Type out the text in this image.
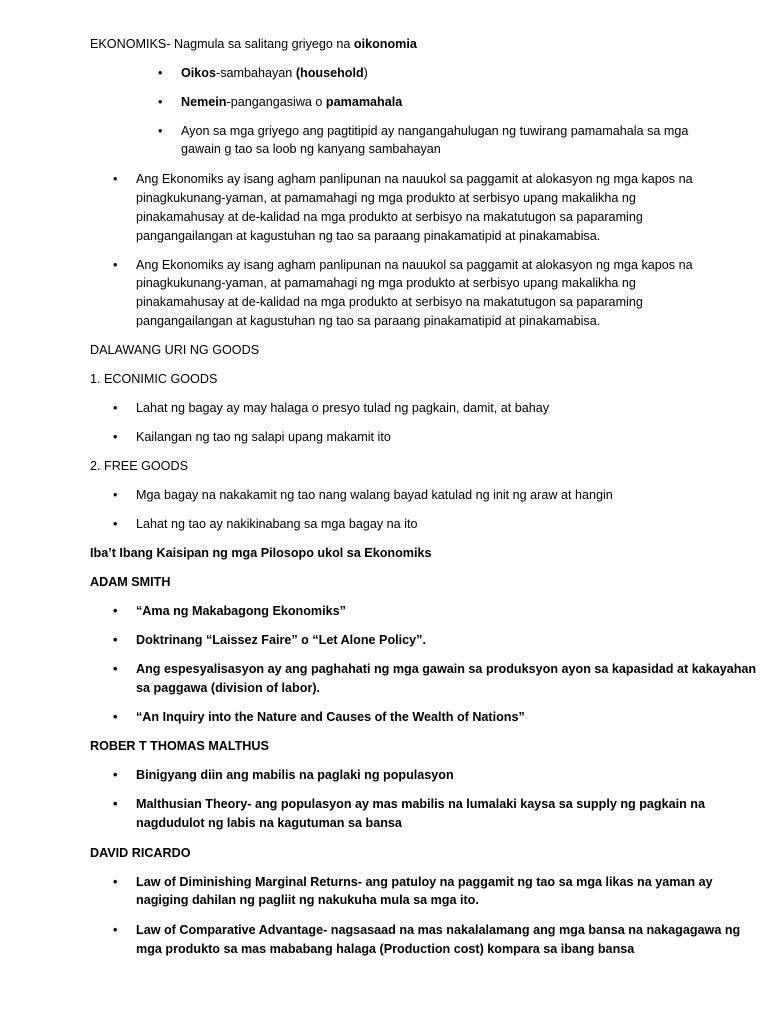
EKONOMIKS- Nagmula sa salitang griyego na oikonomia
• Oikos-sambahayan (household)
• Nemein-pangangasiwa o pamamahala
• Ayon sa mga griyego ang pagtitipid ay nangangahulugan ng tuwirang pamamahala sa mga
gawain g tao sa loob ng kanyang sambahayan
• Ang Ekonomiks ay isang agham panlipunan na nauukol sa paggamit at alokasyon ng mga kapos na
pinagkukunang-yaman, at pamamahagi ng mga produkto at serbisyo upang makalikha ng
pinakamahusay at de-kalidad na mga produkto at serbisyo na makatutugon sa paparaming
pangangailangan at kagustuhan ng tao sa paraang pinakamatipid at pinakamabisa.
• Ang Ekonomiks ay isang agham panlipunan na nauukol sa paggamit at alokasyon ng mga kapos na
pinagkukunang-yaman, at pamamahagi ng mga produkto at serbisyo upang makalikha ng
pinakamahusay at de-kalidad na mga produkto at serbisyo na makatutugon sa paparaming
pangangailangan at kagustuhan ng tao sa paraang pinakamatipid at pinakamabisa.
DALAWANG URI NG GOODS
1. ECONIMIC GOODS
• Lahat ng bagay ay may halaga o presyo tulad ng pagkain, damit, at bahay
• Kailangan ng tao ng salapi upang makamit ito
2. FREE GOODS
• Mga bagay na nakakamit ng tao nang walang bayad katulad ng init ng araw at hangin
• Lahat ng tao ay nakikinabang sa mga bagay na ito
Iba’t Ibang Kaisipan ng mga Pilosopo ukol sa Ekonomiks
ADAM SMITH
• “Ama ng Makabagong Ekonomiks”
• Doktrinang “Laissez Faire” o “Let Alone Policy”.
• Ang espesyalisasyon ay ang paghahati ng mga gawain sa produksyon ayon sa kapasidad at kakayahan
sa paggawa (division of labor).
• “An Inquiry into the Nature and Causes of the Wealth of Nations”
ROBER T THOMAS MALTHUS
• Binigyang diin ang mabilis na paglaki ng populasyon
• Malthusian Theory- ang populasyon ay mas mabilis na lumalaki kaysa sa supply ng pagkain na
nagdudulot ng labis na kagutuman sa bansa
DAVID RICARDO
• Law of Diminishing Marginal Returns- ang patuloy na paggamit ng tao sa mga likas na yaman ay
nagiging dahilan ng pagliit ng nakukuha mula sa mga ito.
• Law of Comparative Advantage- nagsasaad na mas nakalalamang ang mga bansa na nakagagawa ng
mga produkto sa mas mababang halaga (Production cost) kompara sa ibang bansa
